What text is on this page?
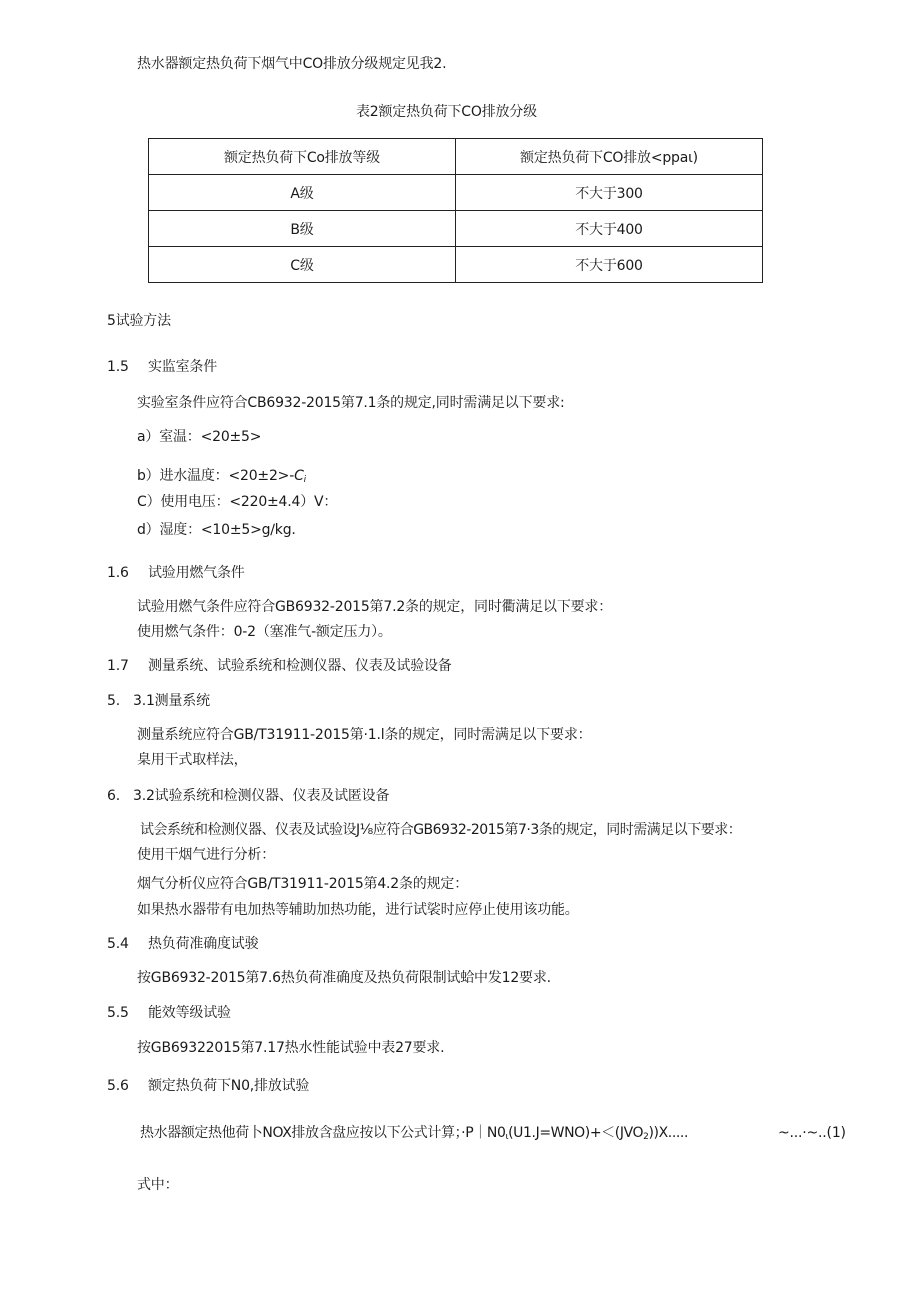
热水器额定热负荷下烟气中CO排放分级规定见我2.
表2额定热负荷下CO排放分级
额定热负荷下Co排放等级	额定热负荷下CO排放<ppaι)
A级	不大于300
B级	不大于400
C级	不大于600
5试验方法
1.5 实监室条件
实验室条件应符合CB6932-2015第7.1条的规定,同时需满足以下要求:
a）室温：<20±5>
b）进水温度：$<20\pm 2>-C_i$
C）使用电压：<220±4.4）V：
d）湿度：<10±5>g∕kg.
1.6 试验用燃气条件
试验用燃气条件应符合GB6932-2015第7.2条的规定，同时衢满足以下要求：
使用燃气条件：0-2（塞准气-额定压力）。
1.7 测量系统、试验系统和检测仪器、仪表及试验设备
5. 3.1测量系统
测量系统应符合GB/T31911-2015第·1.l条的规定，同时需满足以下要求：
臬用干式取样法，
6. 3.2试验系统和检测仪器、仪表及试匿设备
试会系统和检测仪器、仪表及试验设J⅛应符合GB6932-2015第7·3条的规定，同时需满足以下要求：
使用干烟气进行分析：
烟气分析仪应符合GB/T31911-2015第4.2条的规定：
如果热水器带有电加热等辅助加热功能，进行试裟时应停止使用该功能。
5.4 热负荷准确度试骏
按GB6932-2015第7.6热负荷准确度及热负荷限制试蛤中发12要求.
5.5 能效等级试验
按GB69322015第7.17热水性能试验中表27要求.
5.6 额定热负荷下N0,排放试验
热水器额定热他荷卜NOX排放含盘应按以下公式计算；$\cdot P|N0_\iota(U1.J=WNO)+<(JVO_2))X$.....	~...·~..(1)
式中：
